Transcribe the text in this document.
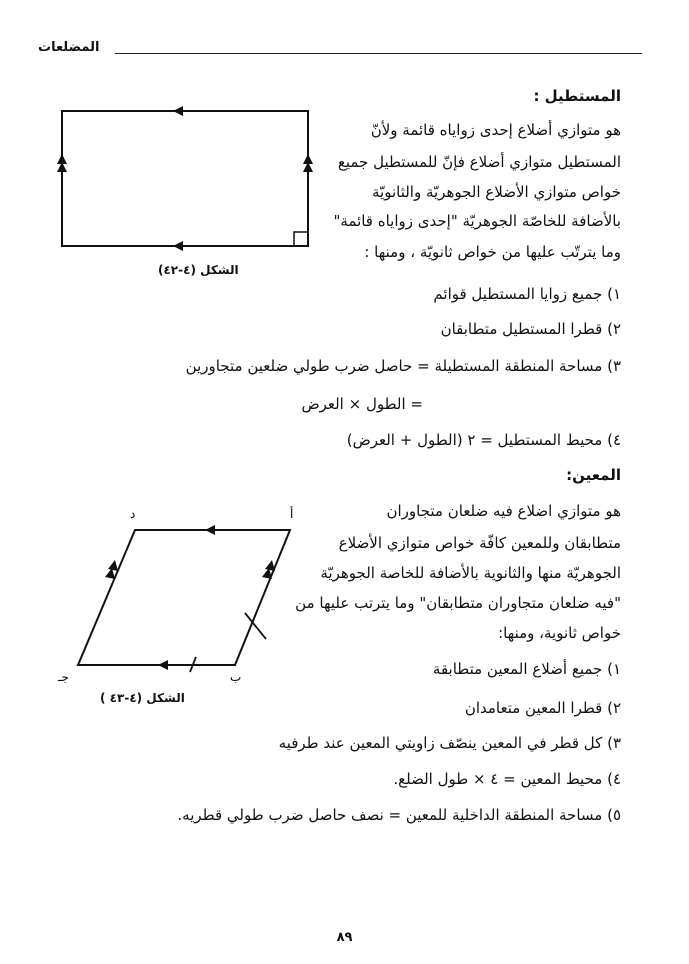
المضلعات
المستطيل :
هو متوازي أضلاع إحدى زواياه قائمة ولأنّ
المستطيل متوازي أضلاع فإنّ للمستطيل جميع
خواص متوازي الأضلاع الجوهريّة والثانويّة
بالأضافة للخاصّة الجوهريّة "إحدى زواياه قائمة"
وما يترتّب عليها من خواص ثانويّة ، ومنها :
الشكل (٤-٤٢)
١) جميع زوايا المستطيل قوائم
٢) قطرا المستطيل متطابقان
٣) مساحة المنطقة المستطيلة = حاصل ضرب طولي ضلعين متجاورين
= الطول × العرض
٤) محيط المستطيل = ٢ (الطول + العرض)
المعين:
هو متوازي اضلاع فيه ضلعان متجاوران
متطابقان وللمعين كافّة خواص متوازي الأضلاع
الجوهريّة منها والثانوية بالأضافة للخاصة الجوهريّة
"فيه ضلعان متجاوران متطابقان" وما يترتب عليها من
خواص ثانوية، ومنها:
أ
د
ب
جـ
الشكل (٤-٤٣ )
١) جميع أضلاع المعين متطابقة
٢) قطرا المعين متعامدان
٣) كل قطر في المعين ينصّف زاويتي المعين عند طرفيه
٤) محيط المعين = ٤ × طول الضلع.
٥) مساحة المنطقة الداخلية للمعين = نصف حاصل ضرب طولي قطريه.
٨٩
